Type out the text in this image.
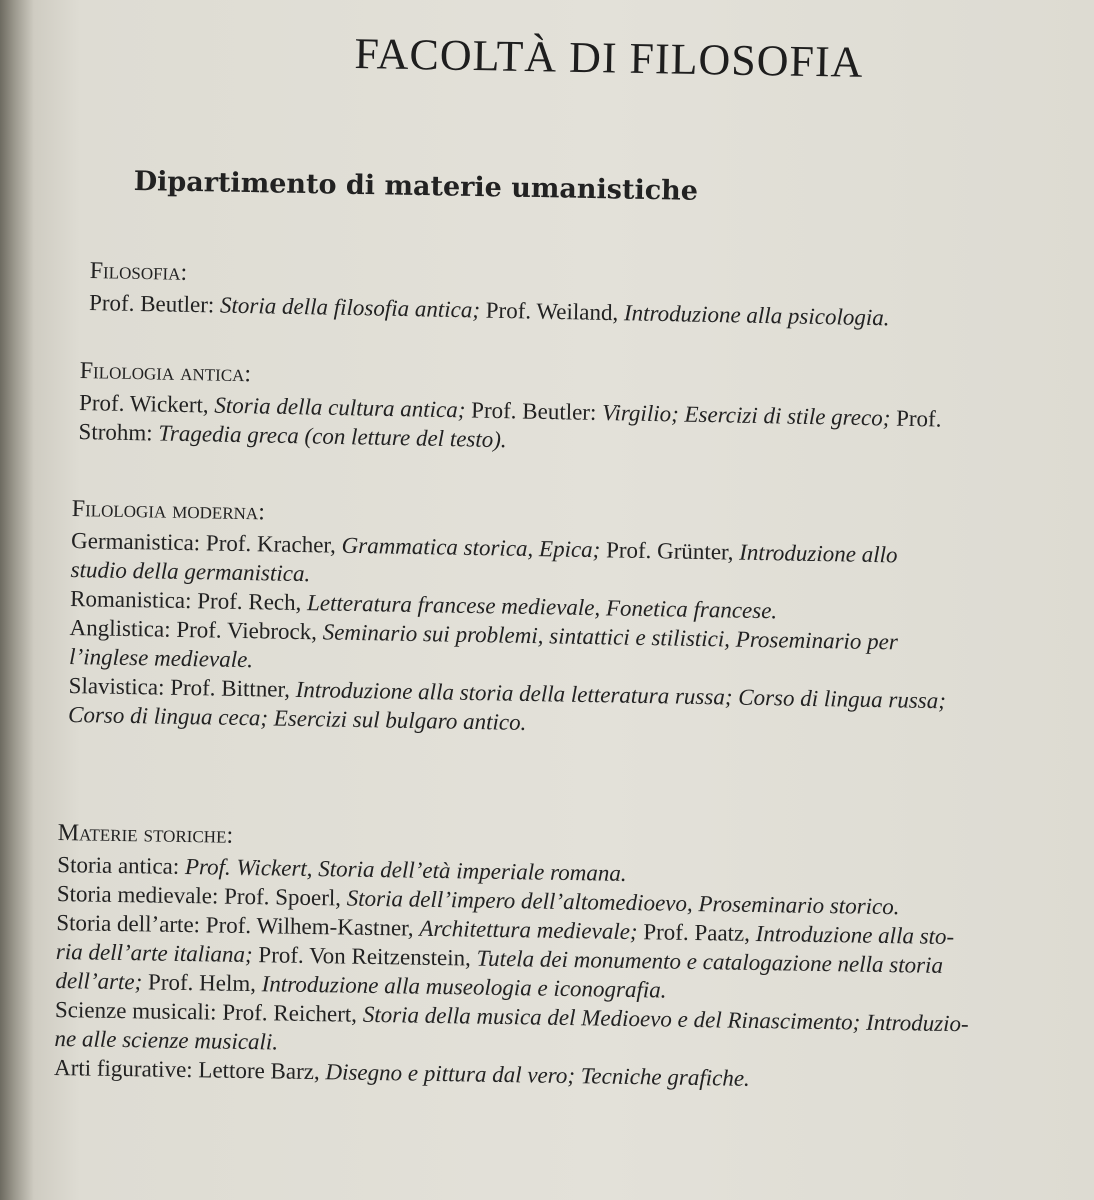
FACOLTÀ DI FILOSOFIA
Dipartimento di materie umanistiche
Filosofia:
Prof. Beutler: Storia della filosofia antica; Prof. Weiland, Introduzione alla psicologia.
Filologia antica:
Prof. Wickert, Storia della cultura antica; Prof. Beutler: Virgilio; Esercizi di stile greco; Prof.
Strohm: Tragedia greca (con letture del testo).
Filologia moderna:
Germanistica: Prof. Kracher, Grammatica storica, Epica; Prof. Grünter, Introduzione allo
studio della germanistica.
Romanistica: Prof. Rech, Letteratura francese medievale, Fonetica francese.
Anglistica: Prof. Viebrock, Seminario sui problemi, sintattici e stilistici, Proseminario per
l’inglese medievale.
Slavistica: Prof. Bittner, Introduzione alla storia della letteratura russa; Corso di lingua russa;
Corso di lingua ceca; Esercizi sul bulgaro antico.
Materie storiche:
Storia antica: Prof. Wickert, Storia dell’età imperiale romana.
Storia medievale: Prof. Spoerl, Storia dell’impero dell’altomedioevo, Proseminario storico.
Storia dell’arte: Prof. Wilhem-Kastner, Architettura medievale; Prof. Paatz, Introduzione alla sto-
ria dell’arte italiana; Prof. Von Reitzenstein, Tutela dei monumento e catalogazione nella storia
dell’arte; Prof. Helm, Introduzione alla museologia e iconografia.
Scienze musicali: Prof. Reichert, Storia della musica del Medioevo e del Rinascimento; Introduzio-
ne alle scienze musicali.
Arti figurative: Lettore Barz, Disegno e pittura dal vero; Tecniche grafiche.
